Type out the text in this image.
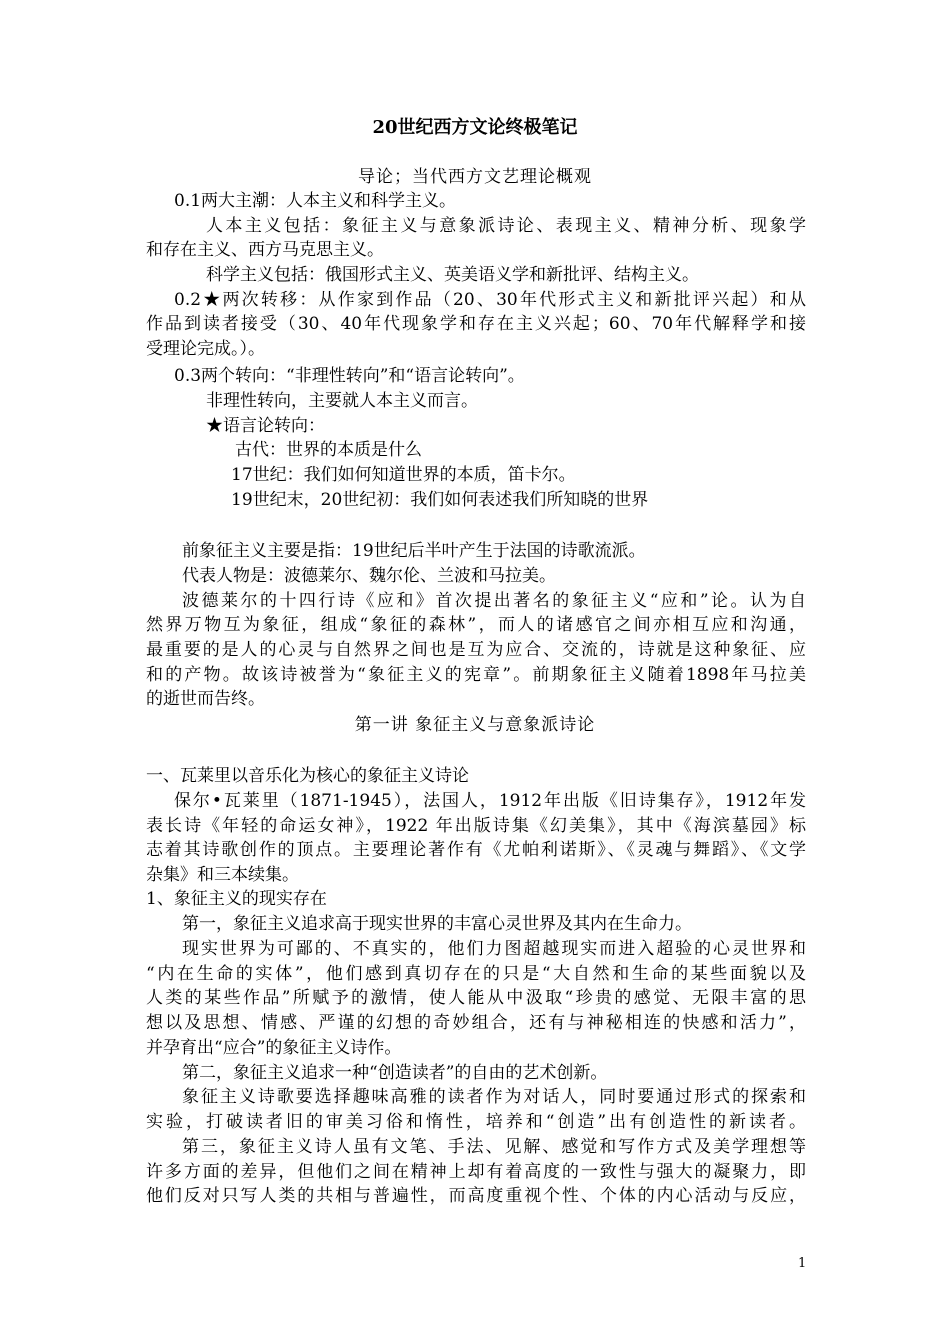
20世纪西方文论终极笔记
导论；当代西方文艺理论概观
0.1两大主潮：人本主义和科学主义。
人本主义包括：象征主义与意象派诗论、表现主义、精神分析、现象学
和存在主义、西方马克思主义。
科学主义包括：俄国形式主义、英美语义学和新批评、结构主义。
0.2★两次转移：从作家到作品（20、30年代形式主义和新批评兴起）和从
作品到读者接受（30、40年代现象学和存在主义兴起；60、70年代解释学和接
受理论完成。）。
0.3两个转向：“非理性转向”和“语言论转向”。
非理性转向，主要就人本主义而言。
★语言论转向：
古代：世界的本质是什么
17世纪：我们如何知道世界的本质，笛卡尔。
19世纪末，20世纪初：我们如何表述我们所知晓的世界
前象征主义主要是指：19世纪后半叶产生于法国的诗歌流派。
代表人物是：波德莱尔、魏尔伦、兰波和马拉美。
波德莱尔的十四行诗《应和》首次提出著名的象征主义“应和”论。认为自
然界万物互为象征，组成“象征的森林”，而人的诸感官之间亦相互应和沟通，
最重要的是人的心灵与自然界之间也是互为应合、交流的，诗就是这种象征、应
和的产物。故该诗被誉为“象征主义的宪章”。前期象征主义随着1898年马拉美
的逝世而告终。
第一讲 象征主义与意象派诗论
一、瓦莱里以音乐化为核心的象征主义诗论
保尔•瓦莱里（1871-1945），法国人，1912年出版《旧诗集存》，1912年发
表长诗《年轻的命运女神》，1922 年出版诗集《幻美集》，其中《海滨墓园》标
志着其诗歌创作的顶点。主要理论著作有《尤帕利诺斯》、《灵魂与舞蹈》、《文学
杂集》和三本续集。
1、象征主义的现实存在
第一，象征主义追求高于现实世界的丰富心灵世界及其内在生命力。
现实世界为可鄙的、不真实的，他们力图超越现实而进入超验的心灵世界和
“内在生命的实体”，他们感到真切存在的只是“大自然和生命的某些面貌以及
人类的某些作品”所赋予的激情，使人能从中汲取“珍贵的感觉、无限丰富的思
想以及思想、情感、严谨的幻想的奇妙组合，还有与神秘相连的快感和活力”，
并孕育出“应合”的象征主义诗作。
第二，象征主义追求一种“创造读者”的自由的艺术创新。
象征主义诗歌要选择趣味高雅的读者作为对话人，同时要通过形式的探索和
实验，打破读者旧的审美习俗和惰性，培养和“创造”出有创造性的新读者。
第三，象征主义诗人虽有文笔、手法、见解、感觉和写作方式及美学理想等
许多方面的差异，但他们之间在精神上却有着高度的一致性与强大的凝聚力，即
他们反对只写人类的共相与普遍性，而高度重视个性、个体的内心活动与反应，
1
